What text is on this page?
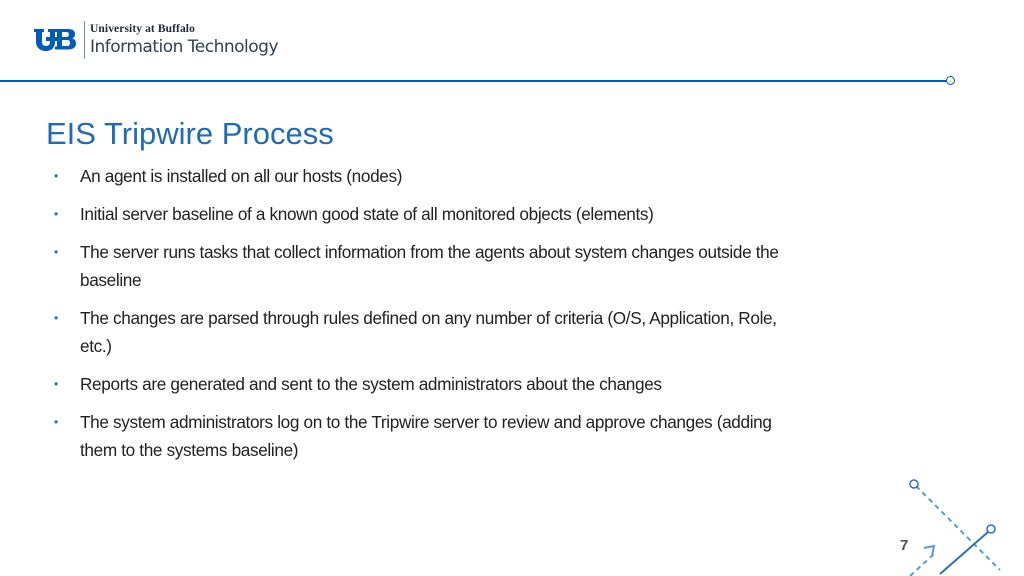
University at Buffalo
Information Technology
EIS Tripwire Process
• An agent is installed on all our hosts (nodes)
• Initial server baseline of a known good state of all monitored objects (elements)
• The server runs tasks that collect information from the agents about system changes outside the baseline
• The changes are parsed through rules defined on any number of criteria (O/S, Application, Role, etc.)
• Reports are generated and sent to the system administrators about the changes
• The system administrators log on to the Tripwire server to review and approve changes (adding them to the systems baseline)
7
